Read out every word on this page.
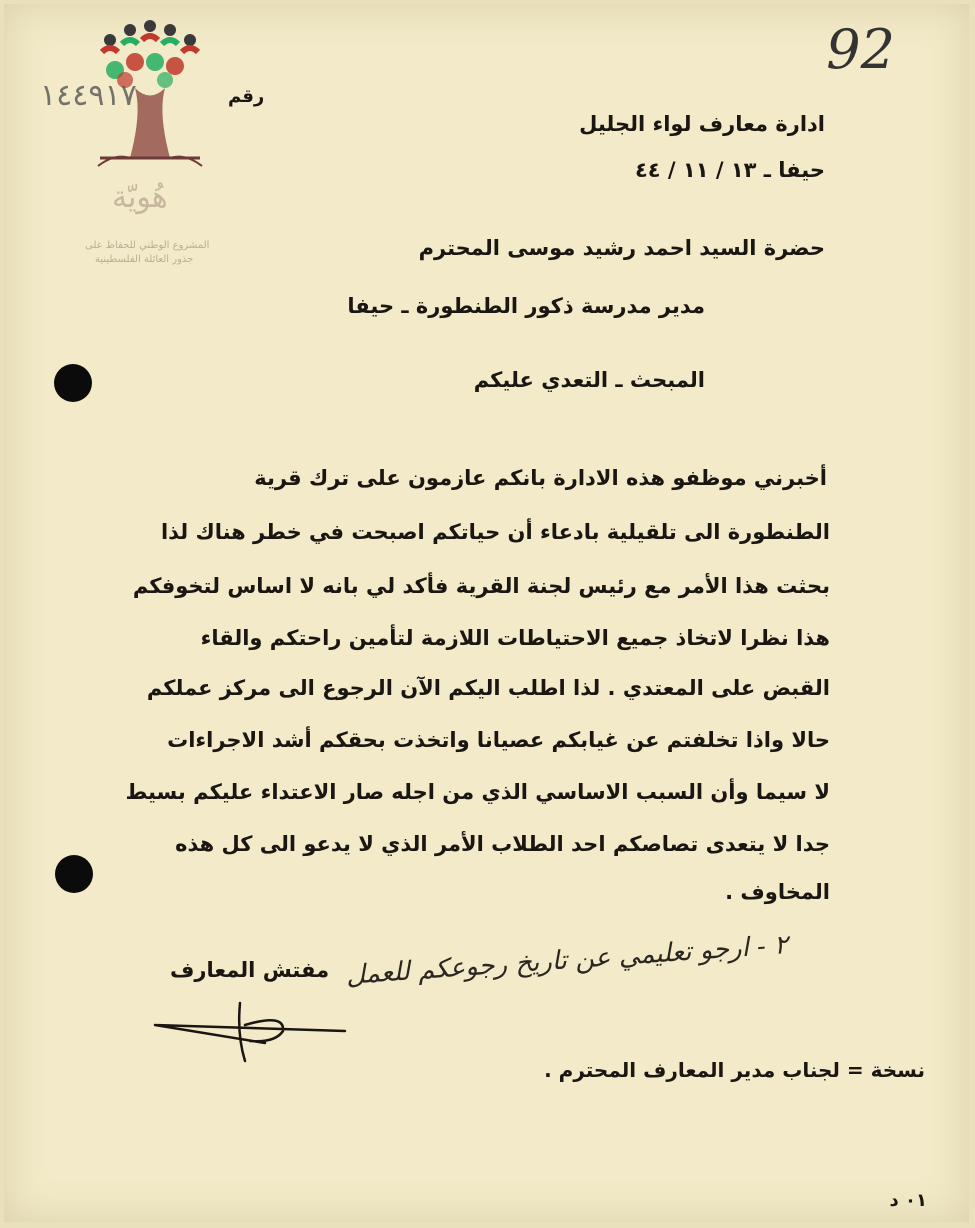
92
هُويّة
المشروع الوطني للحفاظ على
جذور العائلة الفلسطينية
رقم
١٤٤٩١٧
ادارة معارف لواء الجليل
حيفا ـ ١٣ / ١١ / ٤٤
حضرة السيد احمد رشيد موسى المحترم
مدير مدرسة ذكور الطنطورة ـ حيفا
المبحث ـ التعدي عليكم
أخبرني موظفو هذه الادارة بانكم عازمون على ترك قرية
الطنطورة الى تلقيلية بادعاء أن حياتكم اصبحت في خطر هناك لذا
بحثت هذا الأمر مع رئيس لجنة القرية فأكد لي بانه لا اساس لتخوفكم
هذا نظرا لاتخاذ جميع الاحتياطات اللازمة لتأمين راحتكم والقاء
القبض على المعتدي . لذا اطلب اليكم الآن الرجوع الى مركز عملكم
حالا واذا تخلفتم عن غيابكم عصيانا واتخذت بحقكم أشد الاجراءات
لا سيما وأن السبب الاساسي الذي من اجله صار الاعتداء عليكم بسيط
جدا لا يتعدى تصاصكم احد الطلاب الأمر الذي لا يدعو الى كل هذه
المخاوف .
٢ - ارجو تعليمي عن تاريخ رجوعكم للعمل
مفتش المعارف
نسخة = لجناب مدير المعارف المحترم .
٠١ د
